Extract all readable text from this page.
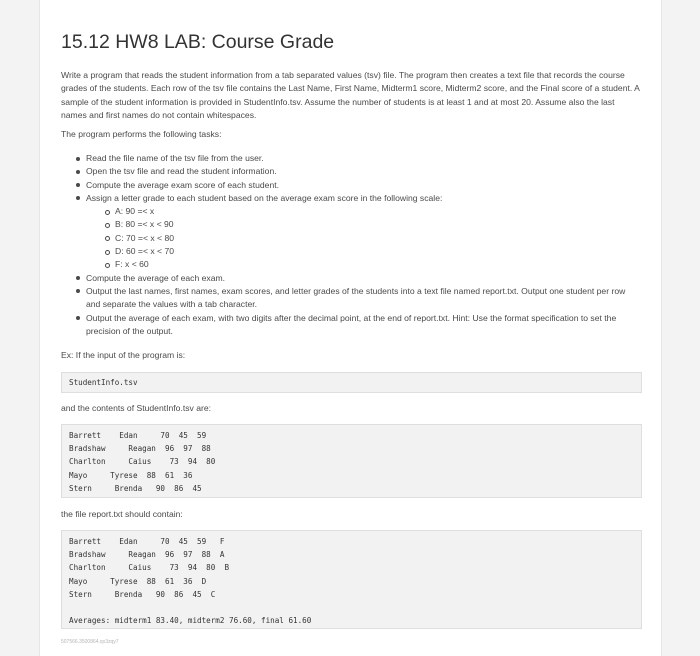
15.12 HW8 LAB: Course Grade

Write a program that reads the student information from a tab separated values (tsv) file. The program then creates a text file that records the course grades of the students. Each row of the tsv file contains the Last Name, First Name, Midterm1 score, Midterm2 score, and the Final score of a student. A sample of the student information is provided in StudentInfo.tsv. Assume the number of students is at least 1 and at most 20. Assume also the last names and first names do not contain whitespaces.

The program performs the following tasks:

Read the file name of the tsv file from the user.
Open the tsv file and read the student information.
Compute the average exam score of each student.
Assign a letter grade to each student based on the average exam score in the following scale:
A: 90 =< x
B: 80 =< x < 90
C: 70 =< x < 80
D: 60 =< x < 70
F: x < 60
Compute the average of each exam.
Output the last names, first names, exam scores, and letter grades of the students into a text file named report.txt. Output one student per row and separate the values with a tab character.
Output the average of each exam, with two digits after the decimal point, at the end of report.txt. Hint: Use the format specification to set the precision of the output.

Ex: If the input of the program is:

StudentInfo.tsv

and the contents of StudentInfo.tsv are:

Barrett    Edan     70  45  59
Bradshaw     Reagan  96  97  88
Charlton     Caius    73  94  80
Mayo     Tyrese  88  61  36
Stern     Brenda   90  86  45

the file report.txt should contain:

Barrett    Edan     70  45  59   F
Bradshaw     Reagan  96  97  88  A
Charlton     Caius    73  94  80  B
Mayo     Tyrese  88  61  36  D
Stern     Brenda   90  86  45  C
Averages: midterm1 83.40, midterm2 76.60, final 61.60
507566.3500864.qx3zqy7
